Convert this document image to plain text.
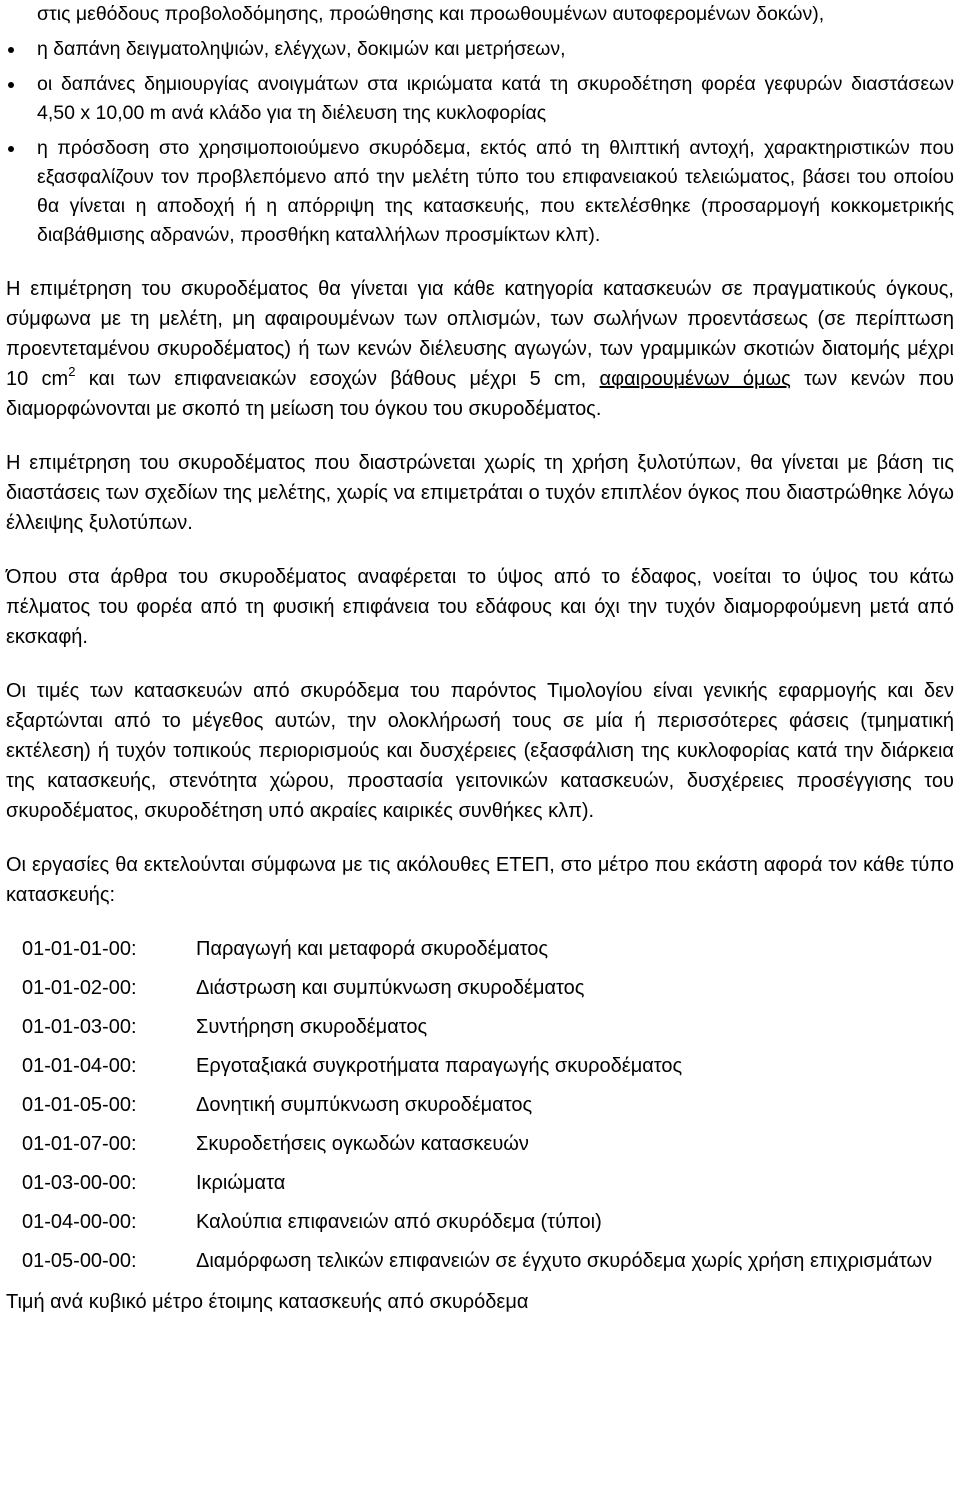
στις μεθόδους προβολοδόμησης, προώθησης και προωθουμένων αυτοφερομένων δοκών),
η δαπάνη δειγματοληψιών, ελέγχων, δοκιμών και μετρήσεων,
οι δαπάνες δημιουργίας ανοιγμάτων στα ικριώματα κατά τη σκυροδέτηση φορέα γεφυρών διαστάσεων 4,50 x 10,00 m ανά κλάδο για τη διέλευση της κυκλοφορίας
η πρόσδοση στο χρησιμοποιούμενο σκυρόδεμα, εκτός από τη θλιπτική αντοχή, χαρακτηριστικών που εξασφαλίζουν τον προβλεπόμενο από την μελέτη τύπο του επιφανειακού τελειώματος, βάσει του οποίου θα γίνεται η αποδοχή ή η απόρριψη της κατασκευής, που εκτελέσθηκε (προσαρμογή κοκκομετρικής διαβάθμισης αδρανών, προσθήκη καταλλήλων προσμίκτων κλπ).

Η επιμέτρηση του σκυροδέματος θα γίνεται για κάθε κατηγορία κατασκευών σε πραγματικούς όγκους, σύμφωνα με τη μελέτη, μη αφαιρουμένων των οπλισμών, των σωλήνων προεντάσεως (σε περίπτωση προεντεταμένου σκυροδέματος) ή των κενών διέλευσης αγωγών, των γραμμικών σκοτιών διατομής μέχρι 10 $cm^2$ και των επιφανειακών εσοχών βάθους μέχρι 5 cm, αφαιρουμένων όμως των κενών που διαμορφώνονται με σκοπό τη μείωση του όγκου του σκυροδέματος.

Η επιμέτρηση του σκυροδέματος που διαστρώνεται χωρίς τη χρήση ξυλοτύπων, θα γίνεται με βάση τις διαστάσεις των σχεδίων της μελέτης, χωρίς να επιμετράται ο τυχόν επιπλέον όγκος που διαστρώθηκε λόγω έλλειψης ξυλοτύπων.

Όπου στα άρθρα του σκυροδέματος αναφέρεται το ύψος από το έδαφος, νοείται το ύψος του κάτω πέλματος του φορέα από τη φυσική επιφάνεια του εδάφους και όχι την τυχόν διαμορφούμενη μετά από εκσκαφή.

Οι τιμές των κατασκευών από σκυρόδεμα του παρόντος Τιμολογίου είναι γενικής εφαρμογής και δεν εξαρτώνται από το μέγεθος αυτών, την ολοκλήρωσή τους σε μία ή περισσότερες φάσεις (τμηματική εκτέλεση) ή τυχόν τοπικούς περιορισμούς και δυσχέρειες (εξασφάλιση της κυκλοφορίας κατά την διάρκεια της κατασκευής, στενότητα χώρου, προστασία γειτονικών κατασκευών, δυσχέρειες προσέγγισης του σκυροδέματος, σκυροδέτηση υπό ακραίες καιρικές συνθήκες κλπ).

Οι εργασίες θα εκτελούνται σύμφωνα με τις ακόλουθες ΕΤΕΠ, στο μέτρο που εκάστη αφορά τον κάθε τύπο κατασκευής:

01-01-01-00:	Παραγωγή και μεταφορά σκυροδέματος
01-01-02-00:	Διάστρωση και συμπύκνωση σκυροδέματος
01-01-03-00:	Συντήρηση σκυροδέματος
01-01-04-00:	Εργοταξιακά συγκροτήματα παραγωγής σκυροδέματος
01-01-05-00:	Δονητική συμπύκνωση σκυροδέματος
01-01-07-00:	Σκυροδετήσεις ογκωδών κατασκευών
01-03-00-00:	Ικριώματα
01-04-00-00:	Καλούπια επιφανειών από σκυρόδεμα (τύποι)
01-05-00-00:	Διαμόρφωση τελικών επιφανειών σε έγχυτο σκυρόδεμα χωρίς χρήση επιχρισμάτων
Τιμή ανά κυβικό μέτρο έτοιμης κατασκευής από σκυρόδεμα
